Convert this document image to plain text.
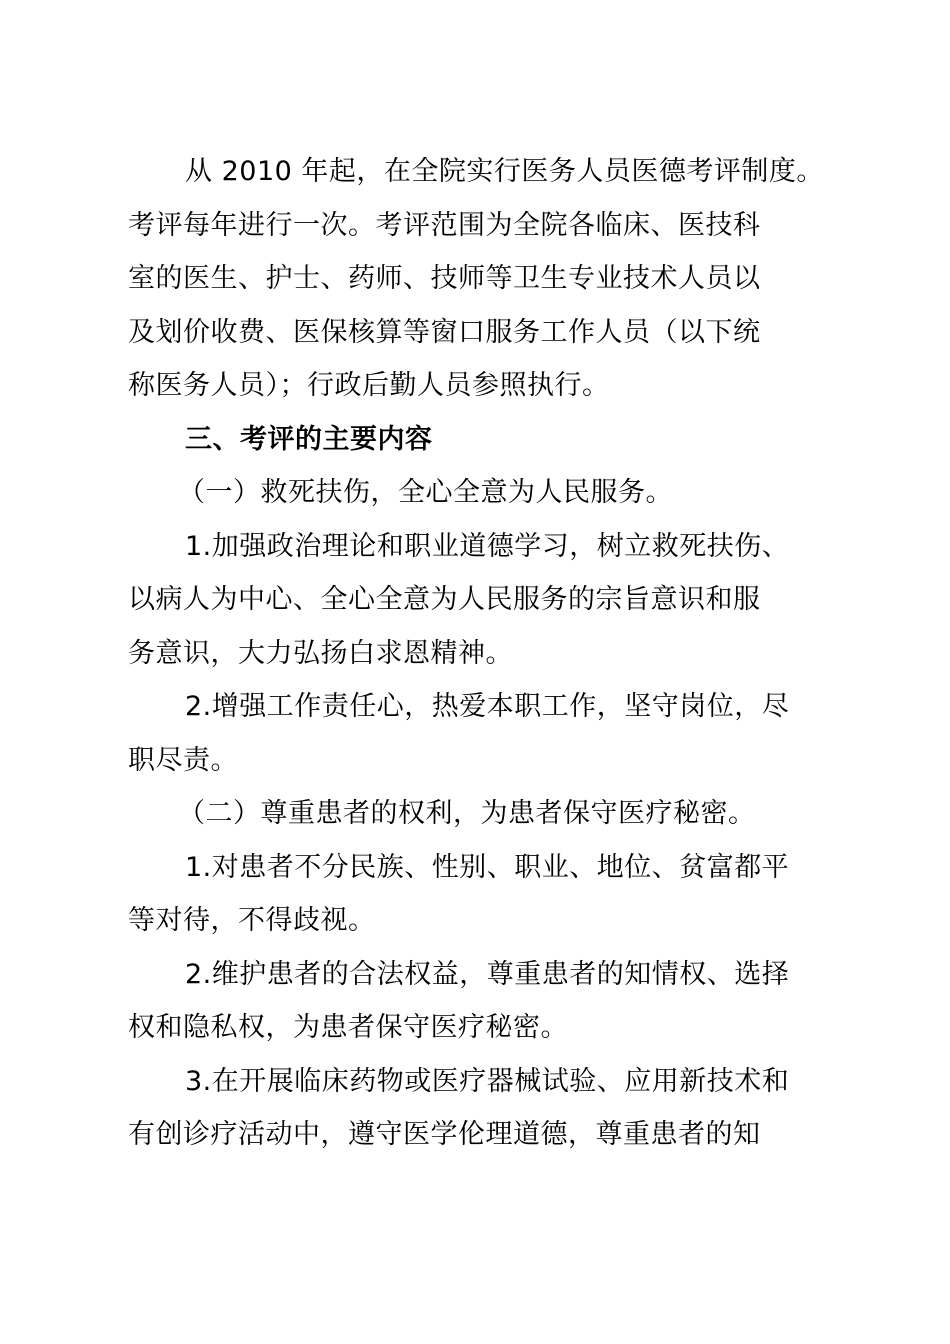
从 2010 年起，在全院实行医务人员医德考评制度。
考评每年进行一次。考评范围为全院各临床、医技科
室的医生、护士、药师、技师等卫生专业技术人员以
及划价收费、医保核算等窗口服务工作人员（以下统
称医务人员）；行政后勤人员参照执行。
三、考评的主要内容
（一）救死扶伤，全心全意为人民服务。
1.加强政治理论和职业道德学习，树立救死扶伤、
以病人为中心、全心全意为人民服务的宗旨意识和服
务意识，大力弘扬白求恩精神。
2.增强工作责任心，热爱本职工作，坚守岗位，尽
职尽责。
（二）尊重患者的权利，为患者保守医疗秘密。
1.对患者不分民族、性别、职业、地位、贫富都平
等对待，不得歧视。
2.维护患者的合法权益，尊重患者的知情权、选择
权和隐私权，为患者保守医疗秘密。
3.在开展临床药物或医疗器械试验、应用新技术和
有创诊疗活动中，遵守医学伦理道德，尊重患者的知
